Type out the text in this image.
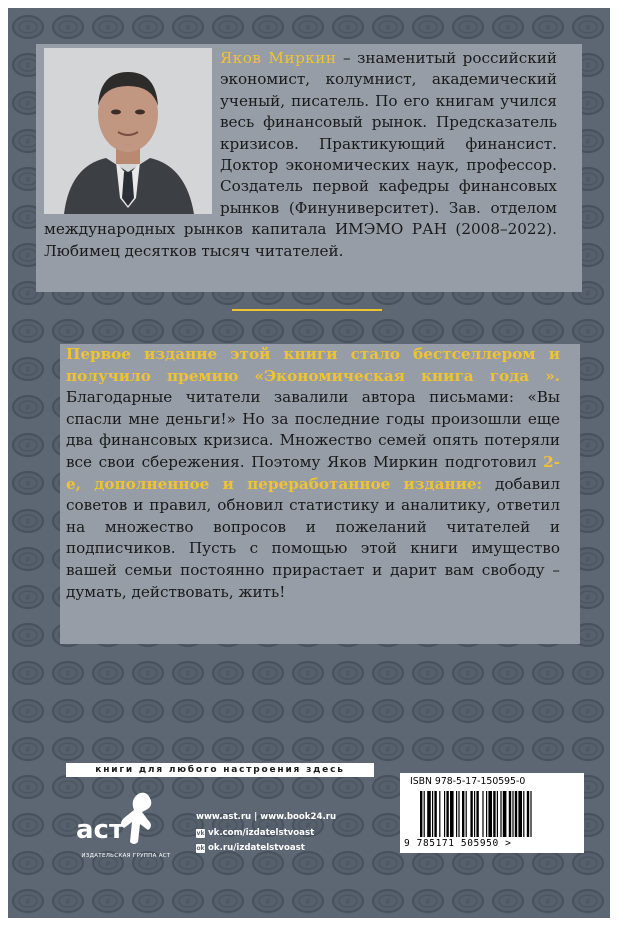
Яков Миркин – знаменитый российский экономист, колумнист, академический ученый, писатель. По его книгам учился весь финансовый рынок. Предсказатель кризисов. Практикующий финансист. Доктор экономических наук, профессор. Создатель первой кафедры финансовых рынков (Финуниверситет). Зав. отделом международных рынков капитала ИМЭМО РАН (2008–2022). Любимец десятков тысяч читателей.
Первое издание этой книги стало бестселлером и получило премию «Экономическая книга года ». Благодарные читатели завалили автора письмами: «Вы спасли мне деньги!» Но за последние годы произошли еще два финансовых кризиса. Множество семей опять потеряли все свои сбережения. Поэтому Яков Миркин подготовил 2-е, дополненное и переработанное издание: добавил советов и правил, обновил статистику и аналитику, ответил на множество вопросов и пожеланий читателей и подписчиков. Пусть с помощью этой книги имущество вашей семьи постоянно прирастает и дарит вам свободу – думать, действовать, жить!
книги для любого настроения здесь
аст
ИЗДАТЕЛЬСКАЯ ГРУППА АСТ
www.ast.ru | www.book24.ru
vk vk.com/izdatelstvoast
ok ok.ru/izdatelstvoast
ISBN 978-5-17-150595-0
9 785171 505950 >
